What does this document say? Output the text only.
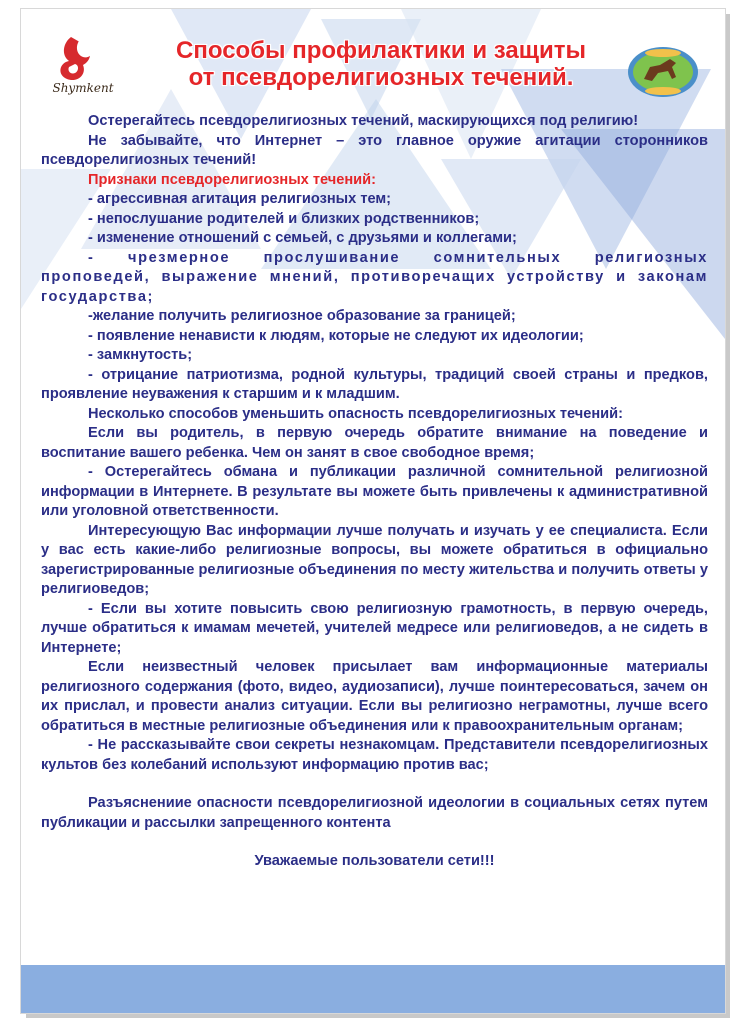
Shymkent
Способы профилактики и защиты
от псевдорелигиозных течений.

Остерегайтесь псевдорелигиозных течений, маскирующихся под религию!

Не забывайте, что Интернет – это главное оружие агитации сторонников псевдорелигиозных течений!

Признаки псевдорелигиозных течений:

- агрессивная агитация религиозных тем;

- непослушание родителей и близких родственников;

- изменение отношений с семьей, с друзьями и коллегами;

- чрезмерное прослушивание сомнительных религиозных проповедей, выражение мнений, противоречащих устройству и законам государства;

-желание получить религиозное образование за границей;

- появление ненависти к людям, которые не следуют их идеологии;

- замкнутость;

- отрицание патриотизма, родной культуры, традиций своей страны и предков, проявление неуважения к старшим и к младшим.

Несколько способов уменьшить опасность псевдорелигиозных течений:

Если вы родитель, в первую очередь обратите внимание на поведение и воспитание вашего ребенка. Чем он занят в свое свободное время;

- Остерегайтесь обмана и публикации различной сомнительной религиозной информации в Интернете. В результате вы можете быть привлечены к административной или уголовной ответственности.

Интересующую Вас информации лучше получать и изучать у ее специалиста. Если у вас есть какие-либо религиозные вопросы, вы можете обратиться в официально зарегистрированные религиозные объединения по месту жительства и получить ответы у религиоведов;

- Если вы хотите повысить свою религиозную грамотность, в первую очередь, лучше обратиться к имамам мечетей, учителей медресе или религиоведов, а не сидеть в Интернете;

Если неизвестный человек присылает вам информационные материалы религиозного содержания (фото, видео, аудиозаписи), лучше поинтересоваться, зачем он их прислал, и провести анализ ситуации. Если вы религиозно неграмотны, лучше всего обратиться в местные религиозные объединения или к правоохранительным органам;

- Не рассказывайте свои секреты незнакомцам. Представители псевдорелигиозных культов без колебаний используют информацию против вас;

Разъяснениие опасности псевдорелигиозной идеологии в социальных сетях путем публикации и рассылки запрещенного контента

Уважаемые пользователи сети!!!
